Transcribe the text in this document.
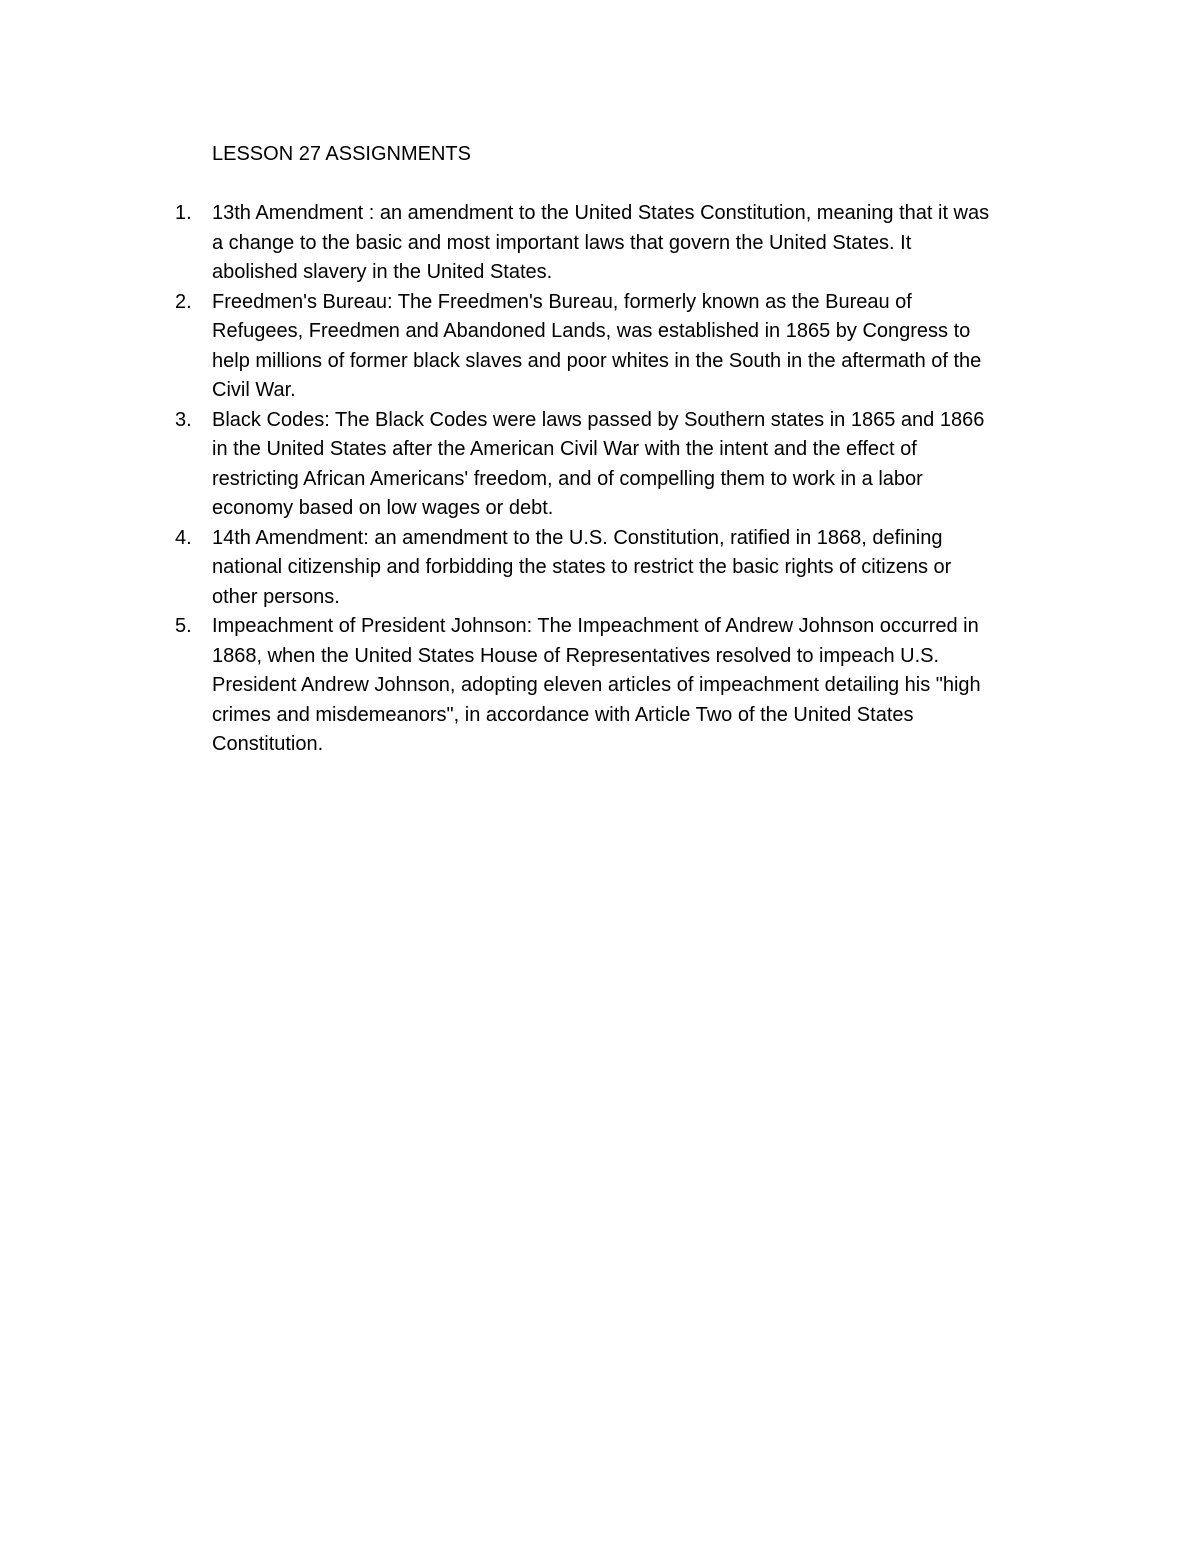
LESSON 27 ASSIGNMENTS
1.	13th Amendment : an amendment to the United States Constitution, meaning that it was
a change to the basic and most important laws that govern the United States. It
abolished slavery in the United States.
2.	Freedmen's Bureau: The Freedmen's Bureau, formerly known as the Bureau of
Refugees, Freedmen and Abandoned Lands, was established in 1865 by Congress to
help millions of former black slaves and poor whites in the South in the aftermath of the
Civil War.
3.	Black Codes: The Black Codes were laws passed by Southern states in 1865 and 1866
in the United States after the American Civil War with the intent and the effect of
restricting African Americans' freedom, and of compelling them to work in a labor
economy based on low wages or debt.
4.	14th Amendment: an amendment to the U.S. Constitution, ratified in 1868, defining
national citizenship and forbidding the states to restrict the basic rights of citizens or
other persons.
5.	Impeachment of President Johnson: The Impeachment of Andrew Johnson occurred in
1868, when the United States House of Representatives resolved to impeach U.S.
President Andrew Johnson, adopting eleven articles of impeachment detailing his "high
crimes and misdemeanors", in accordance with Article Two of the United States
Constitution.
